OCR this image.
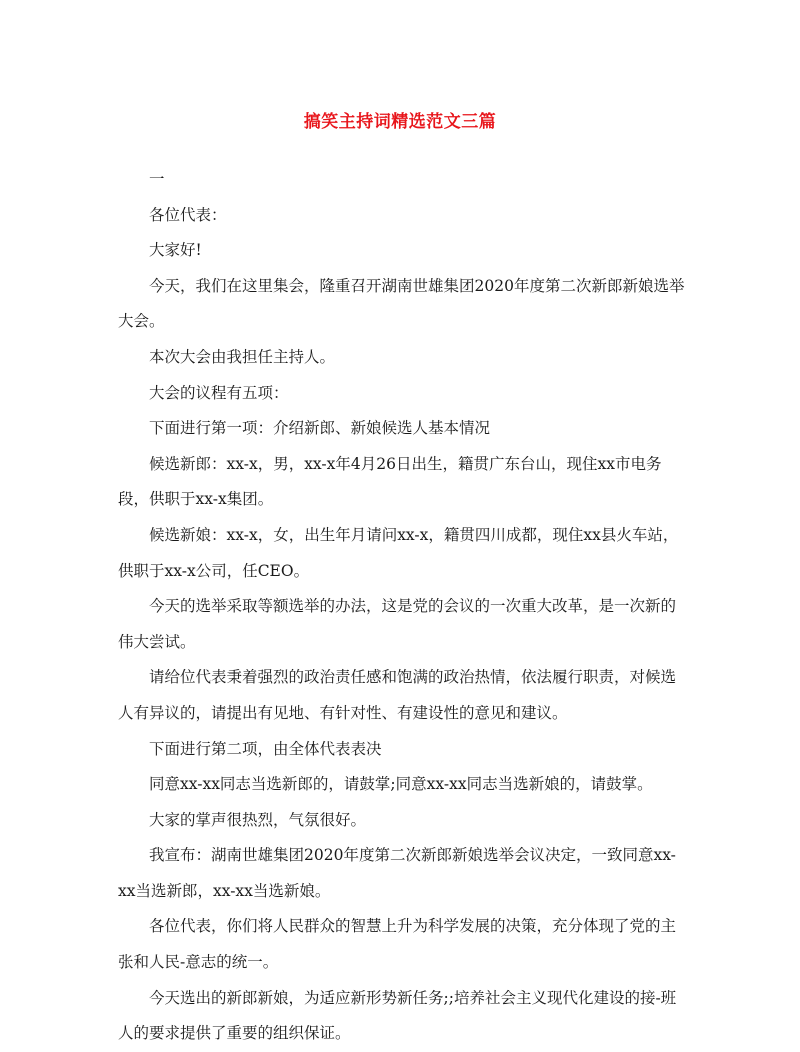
搞笑主持词精选范文三篇

一

各位代表：

大家好!

今天，我们在这里集会，隆重召开湖南世雄集团2020年度第二次新郎新娘选举大会。

本次大会由我担任主持人。

大会的议程有五项：

下面进行第一项：介绍新郎、新娘候选人基本情况

候选新郎：xx-x，男，xx-x年4月26日出生，籍贯广东台山，现住xx市电务段，供职于xx-x集团。

候选新娘：xx-x，女，出生年月请问xx-x，籍贯四川成都，现住xx县火车站，供职于xx-x公司，任CEO。

今天的选举采取等额选举的办法，这是党的会议的一次重大改革，是一次新的伟大尝试。

请给位代表秉着强烈的政治责任感和饱满的政治热情，依法履行职责，对候选人有异议的，请提出有见地、有针对性、有建设性的意见和建议。

下面进行第二项，由全体代表表决

同意xx-xx同志当选新郎的，请鼓掌;同意xx-xx同志当选新娘的，请鼓掌。

大家的掌声很热烈，气氛很好。

我宣布：湖南世雄集团2020年度第二次新郎新娘选举会议决定，一致同意xx-xx当选新郎，xx-xx当选新娘。

各位代表，你们将人民群众的智慧上升为科学发展的决策，充分体现了党的主张和人民-意志的统一。

今天选出的新郎新娘，为适应新形势新任务;;培养社会主义现代化建设的接-班人的要求提供了重要的组织保证。
